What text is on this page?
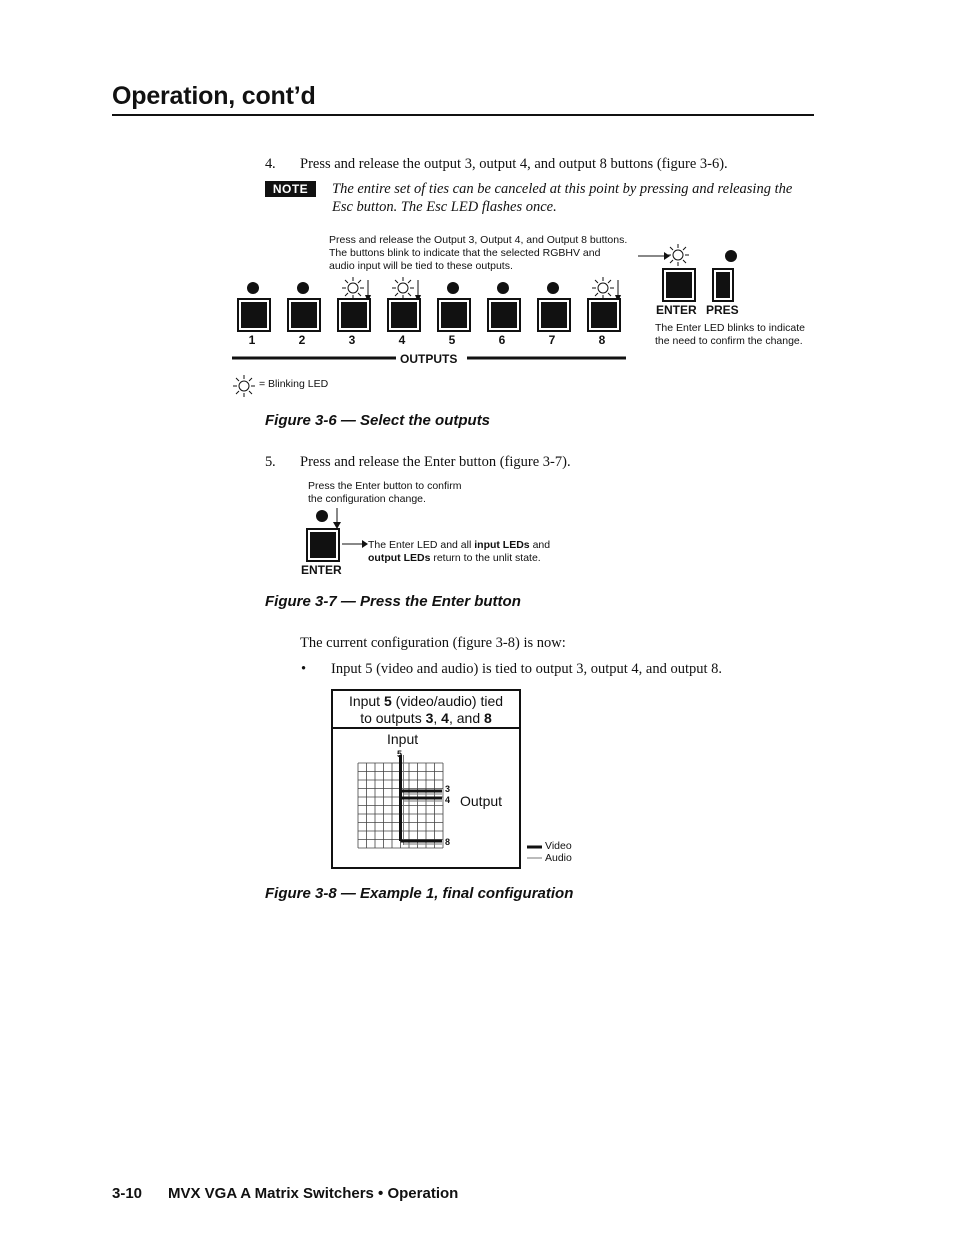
Operation, cont’d
4 . Press and release the output 3, output 4, and output 8 buttons (figure 3-6).
NOTE	The entire set of ties can be canceled at this point by pressing and releasing the Esc button. The Esc LED flashes once.
Press and release the Output 3, Output 4, and Output 8 buttons.
The buttons blink to indicate that the selected RGBHV and
audio input will be tied to these outputs.
1	2	3	4	5	6	7	8
OUTPUTS
ENTER PRES
The Enter LED blinks to indicate
the need to confirm the change.
= Blinking LED
Figure 3-6 — Select the outputs
5 . Press and release the Enter button (figure 3-7).
Press the Enter button to confirm
the configuration change.
ENTER
The Enter LED and all input LEDs and
output LEDs return to the unlit state.
Figure 3-7 — Press the Enter button
The current configuration (figure 3-8) is now:
• Input 5 (video and audio) is tied to output 3, output 4, and output 8.
Input 5 (video/audio) tied
to outputs 3, 4, and 8
Input
5
Output
3
4
8	Video
Audio
Figure 3-8 — Example 1, final configuration
3-10 MVX VGA A Matrix Switchers • Operation
